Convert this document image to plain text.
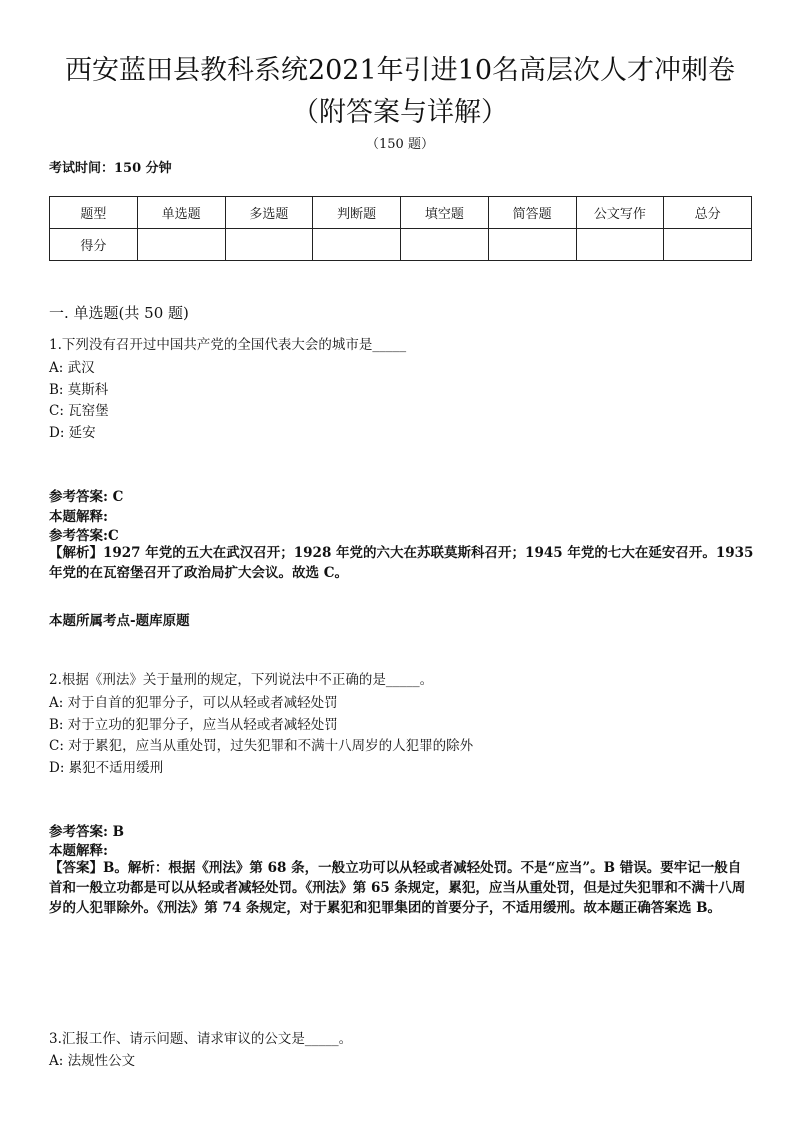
西安蓝田县教科系统2021年引进10名高层次人才冲刺卷（附答案与详解）
（150 题）
考试时间：150 分钟
题型	单选题	多选题	判断题	填空题	简答题	公文写作	总分
得分							
一. 单选题(共 50 题)
1.下列没有召开过中国共产党的全国代表大会的城市是_____
A: 武汉
B: 莫斯科
C: 瓦窑堡
D: 延安
参考答案: C
本题解释:
参考答案:C
【解析】1927 年党的五大在武汉召开；1928 年党的六大在苏联莫斯科召开；1945 年党的七大在延安召开。1935 年党的在瓦窑堡召开了政治局扩大会议。故选 C。
本题所属考点-题库原题
2.根据《刑法》关于量刑的规定，下列说法中不正确的是_____。
A: 对于自首的犯罪分子，可以从轻或者减轻处罚
B: 对于立功的犯罪分子，应当从轻或者减轻处罚
C: 对于累犯，应当从重处罚，过失犯罪和不满十八周岁的人犯罪的除外
D: 累犯不适用缓刑
参考答案: B
本题解释:
【答案】B。解析：根据《刑法》第 68 条，一般立功可以从轻或者减轻处罚。不是“应当”。B 错误。要牢记一般自首和一般立功都是可以从轻或者减轻处罚。《刑法》第 65 条规定，累犯，应当从重处罚，但是过失犯罪和不满十八周岁的人犯罪除外。《刑法》第 74 条规定，对于累犯和犯罪集团的首要分子，不适用缓刑。故本题正确答案选 B。
3.汇报工作、请示问题、请求审议的公文是_____。
A: 法规性公文
